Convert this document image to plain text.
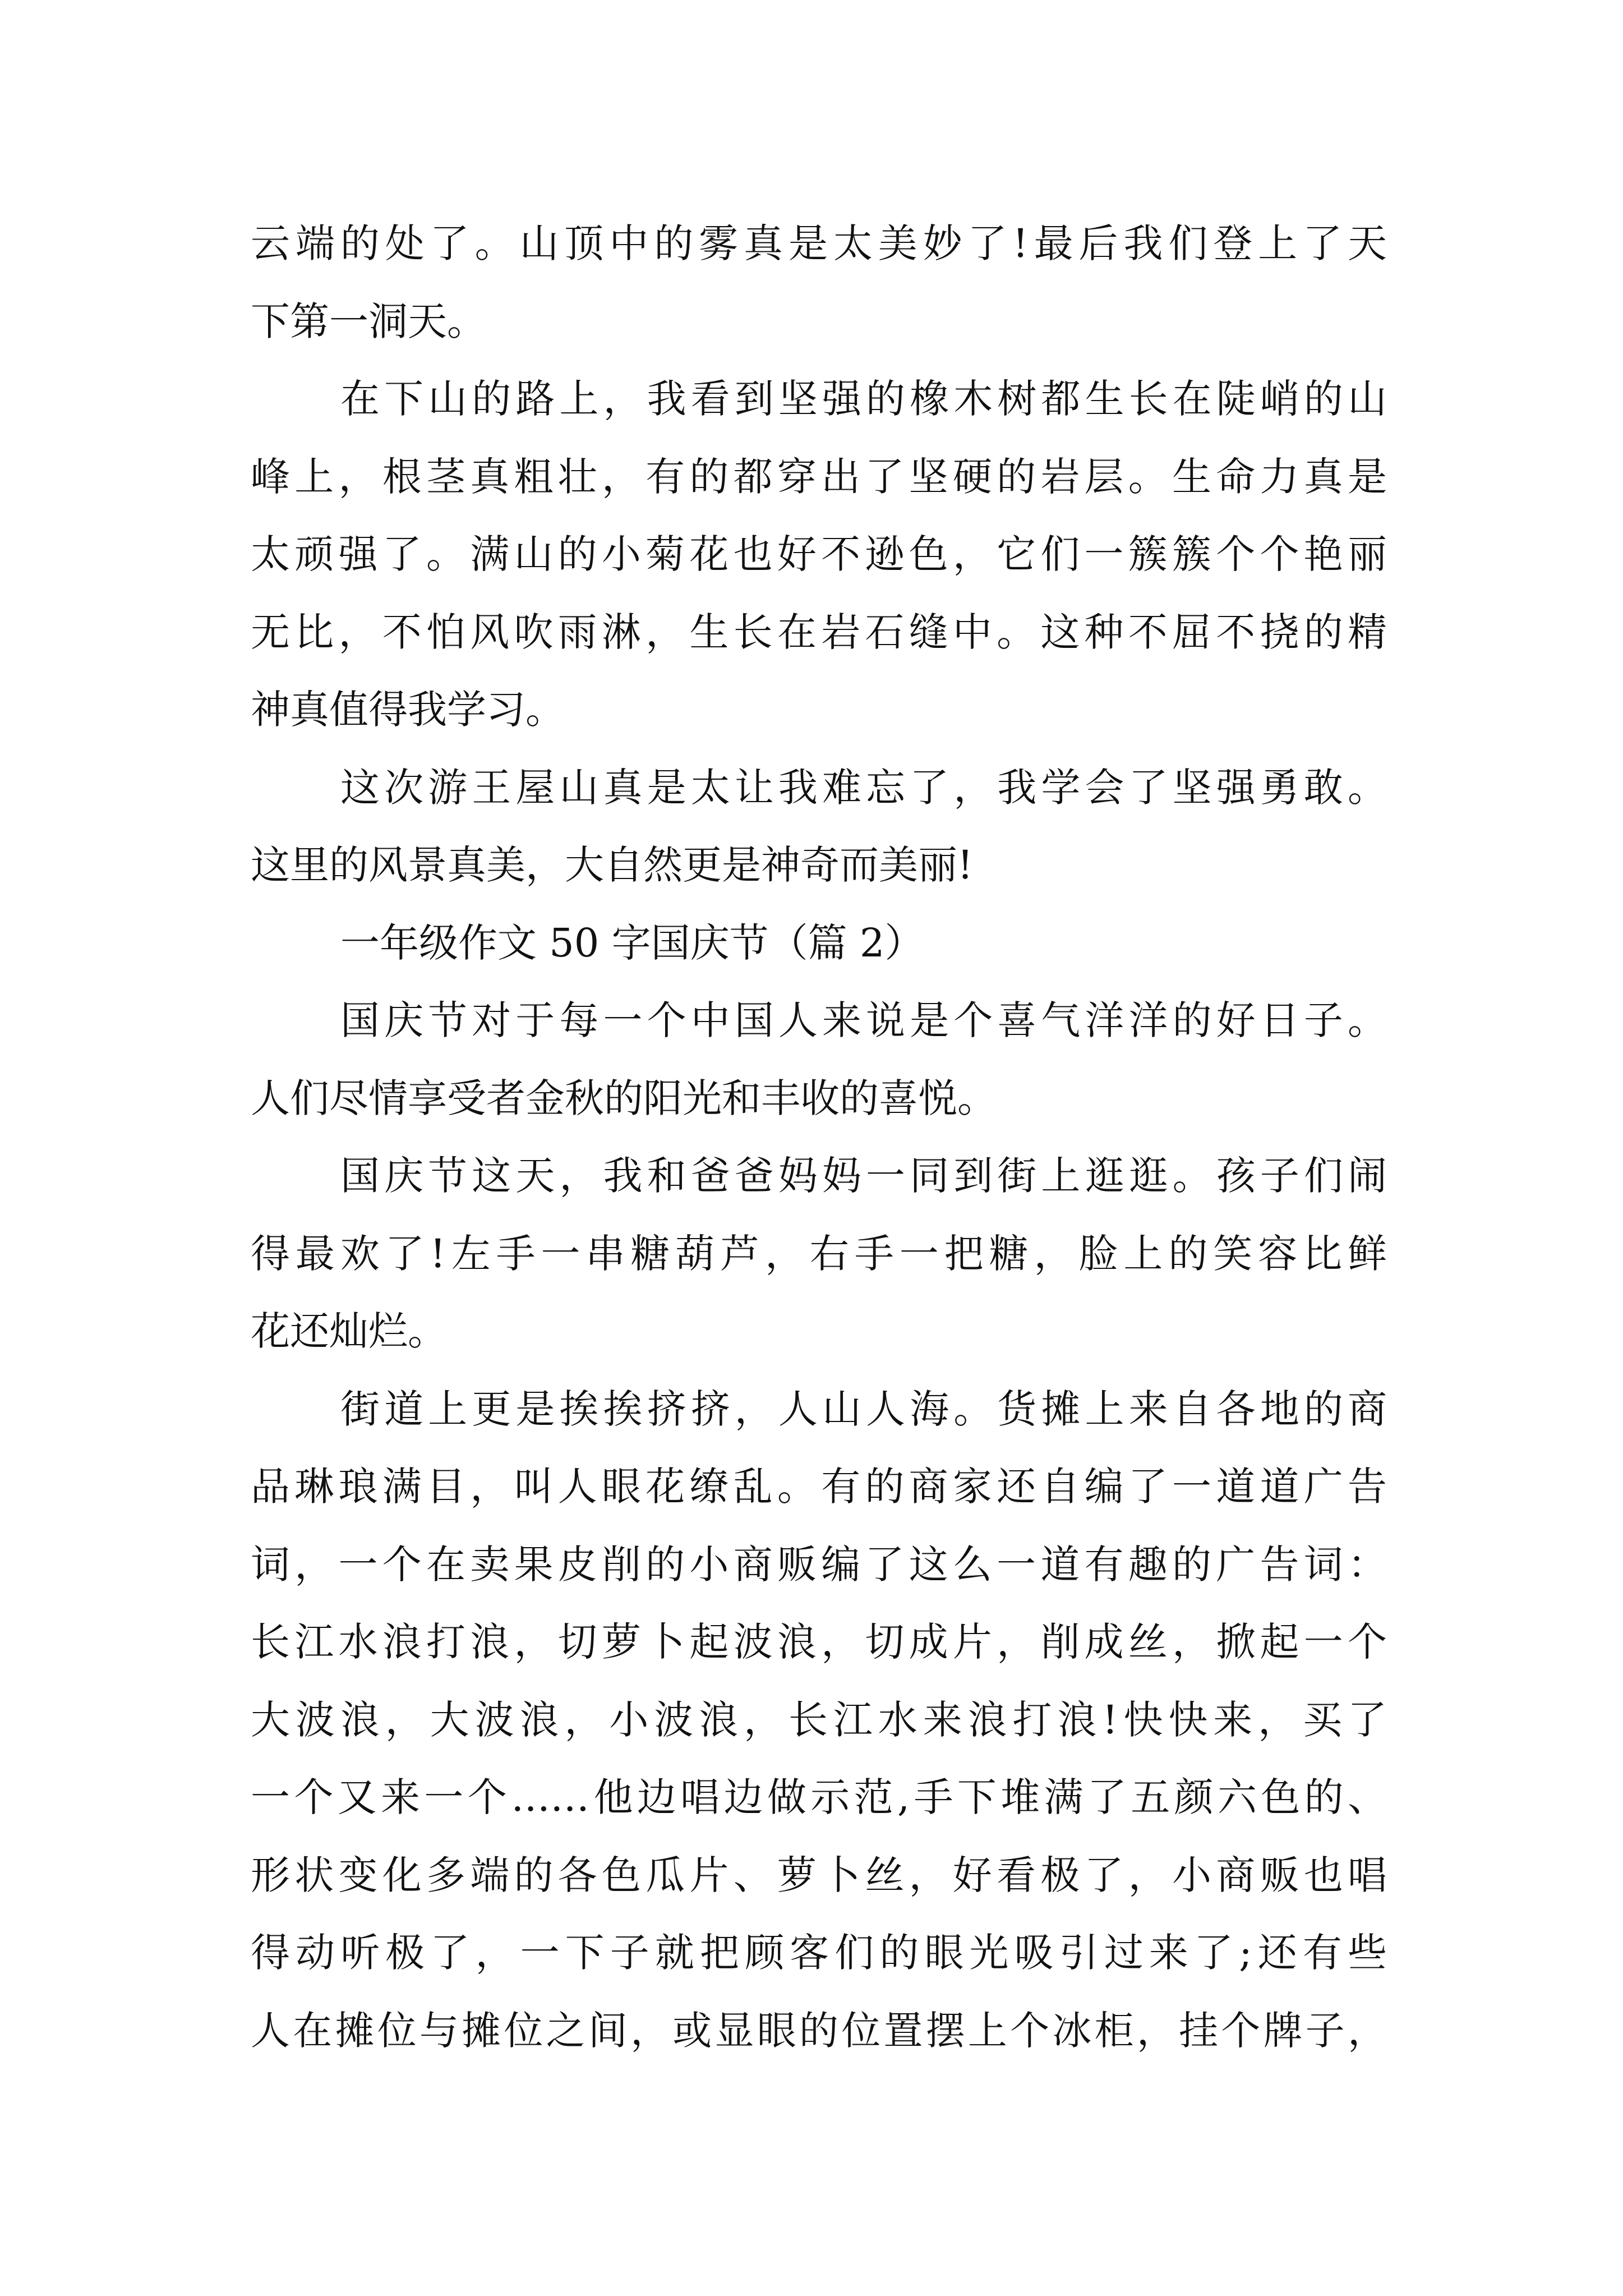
云端的处了。山顶中的雾真是太美妙了!最后我们登上了天
下第一洞天。
在下山的路上，我看到坚强的橡木树都生长在陡峭的山
峰上，根茎真粗壮，有的都穿出了坚硬的岩层。生命力真是
太顽强了。满山的小菊花也好不逊色，它们一簇簇个个艳丽
无比，不怕风吹雨淋，生长在岩石缝中。这种不屈不挠的精
神真值得我学习。
这次游王屋山真是太让我难忘了，我学会了坚强勇敢。
这里的风景真美，大自然更是神奇而美丽!
一年级作文 50 字国庆节（篇 2）
国庆节对于每一个中国人来说是个喜气洋洋的好日子。
人们尽情享受者金秋的阳光和丰收的喜悦。
国庆节这天，我和爸爸妈妈一同到街上逛逛。孩子们闹
得最欢了!左手一串糖葫芦，右手一把糖，脸上的笑容比鲜
花还灿烂。
街道上更是挨挨挤挤，人山人海。货摊上来自各地的商
品琳琅满目，叫人眼花缭乱。有的商家还自编了一道道广告
词，一个在卖果皮削的小商贩编了这么一道有趣的广告词：
长江水浪打浪，切萝卜起波浪，切成片，削成丝，掀起一个
大波浪，大波浪，小波浪，长江水来浪打浪!快快来，买了
一个又来一个……他边唱边做示范,手下堆满了五颜六色的、
形状变化多端的各色瓜片、萝卜丝，好看极了，小商贩也唱
得动听极了，一下子就把顾客们的眼光吸引过来了;还有些
人在摊位与摊位之间，或显眼的位置摆上个冰柜，挂个牌子，
